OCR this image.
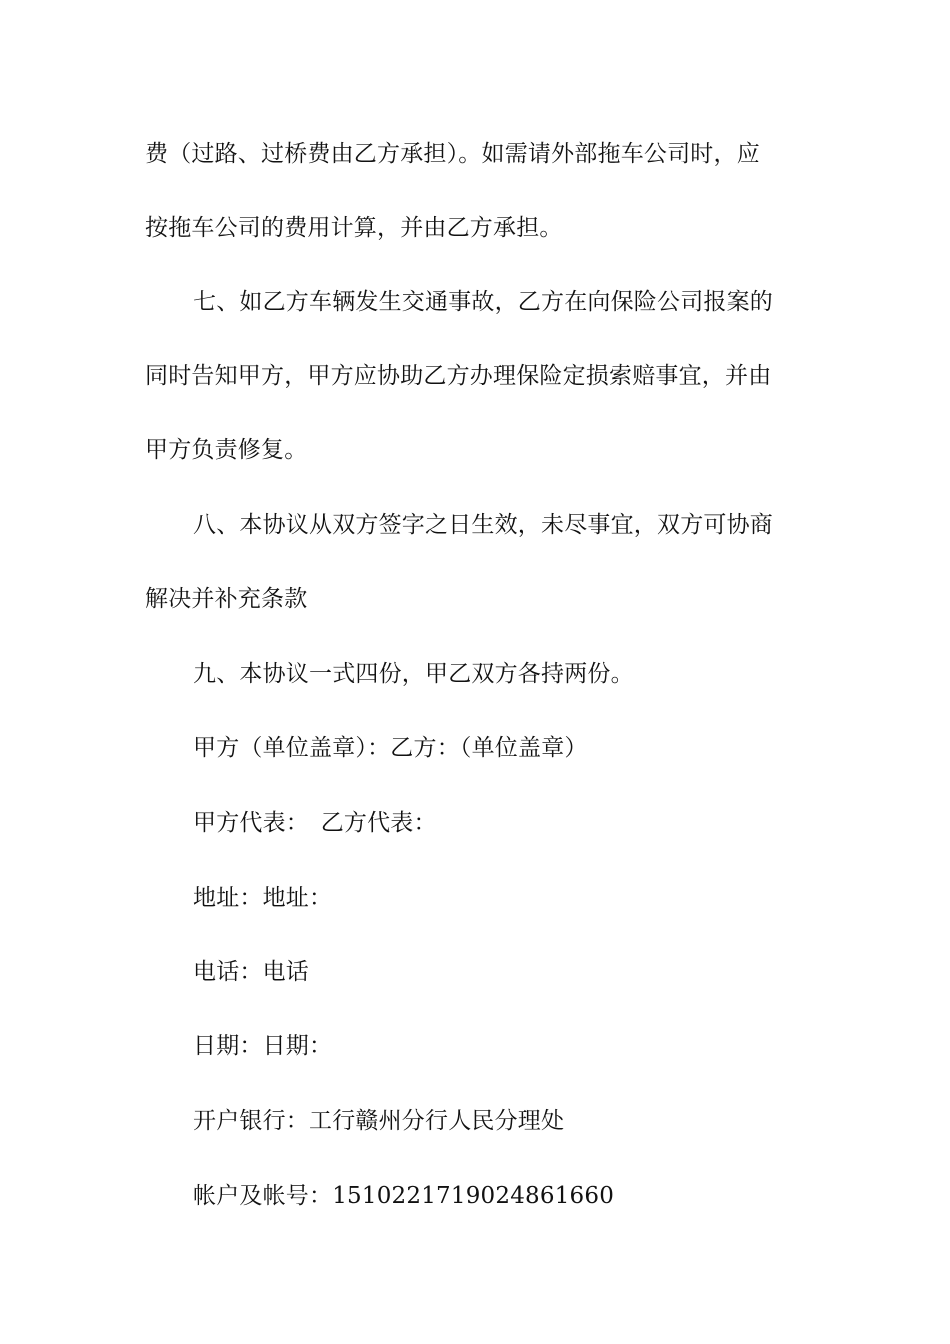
费（过路、过桥费由乙方承担）。如需请外部拖车公司时，应
按拖车公司的费用计算，并由乙方承担。
七、如乙方车辆发生交通事故，乙方在向保险公司报案的
同时告知甲方，甲方应协助乙方办理保险定损索赔事宜，并由
甲方负责修复。
八、本协议从双方签字之日生效，未尽事宜，双方可协商
解决并补充条款
九、本协议一式四份，甲乙双方各持两份。
甲方（单位盖章）：乙方：（单位盖章）
甲方代表：　乙方代表：
地址：地址：
电话：电话
日期：日期：
开户银行：工行赣州分行人民分理处
帐户及帐号：1510221719024861660
